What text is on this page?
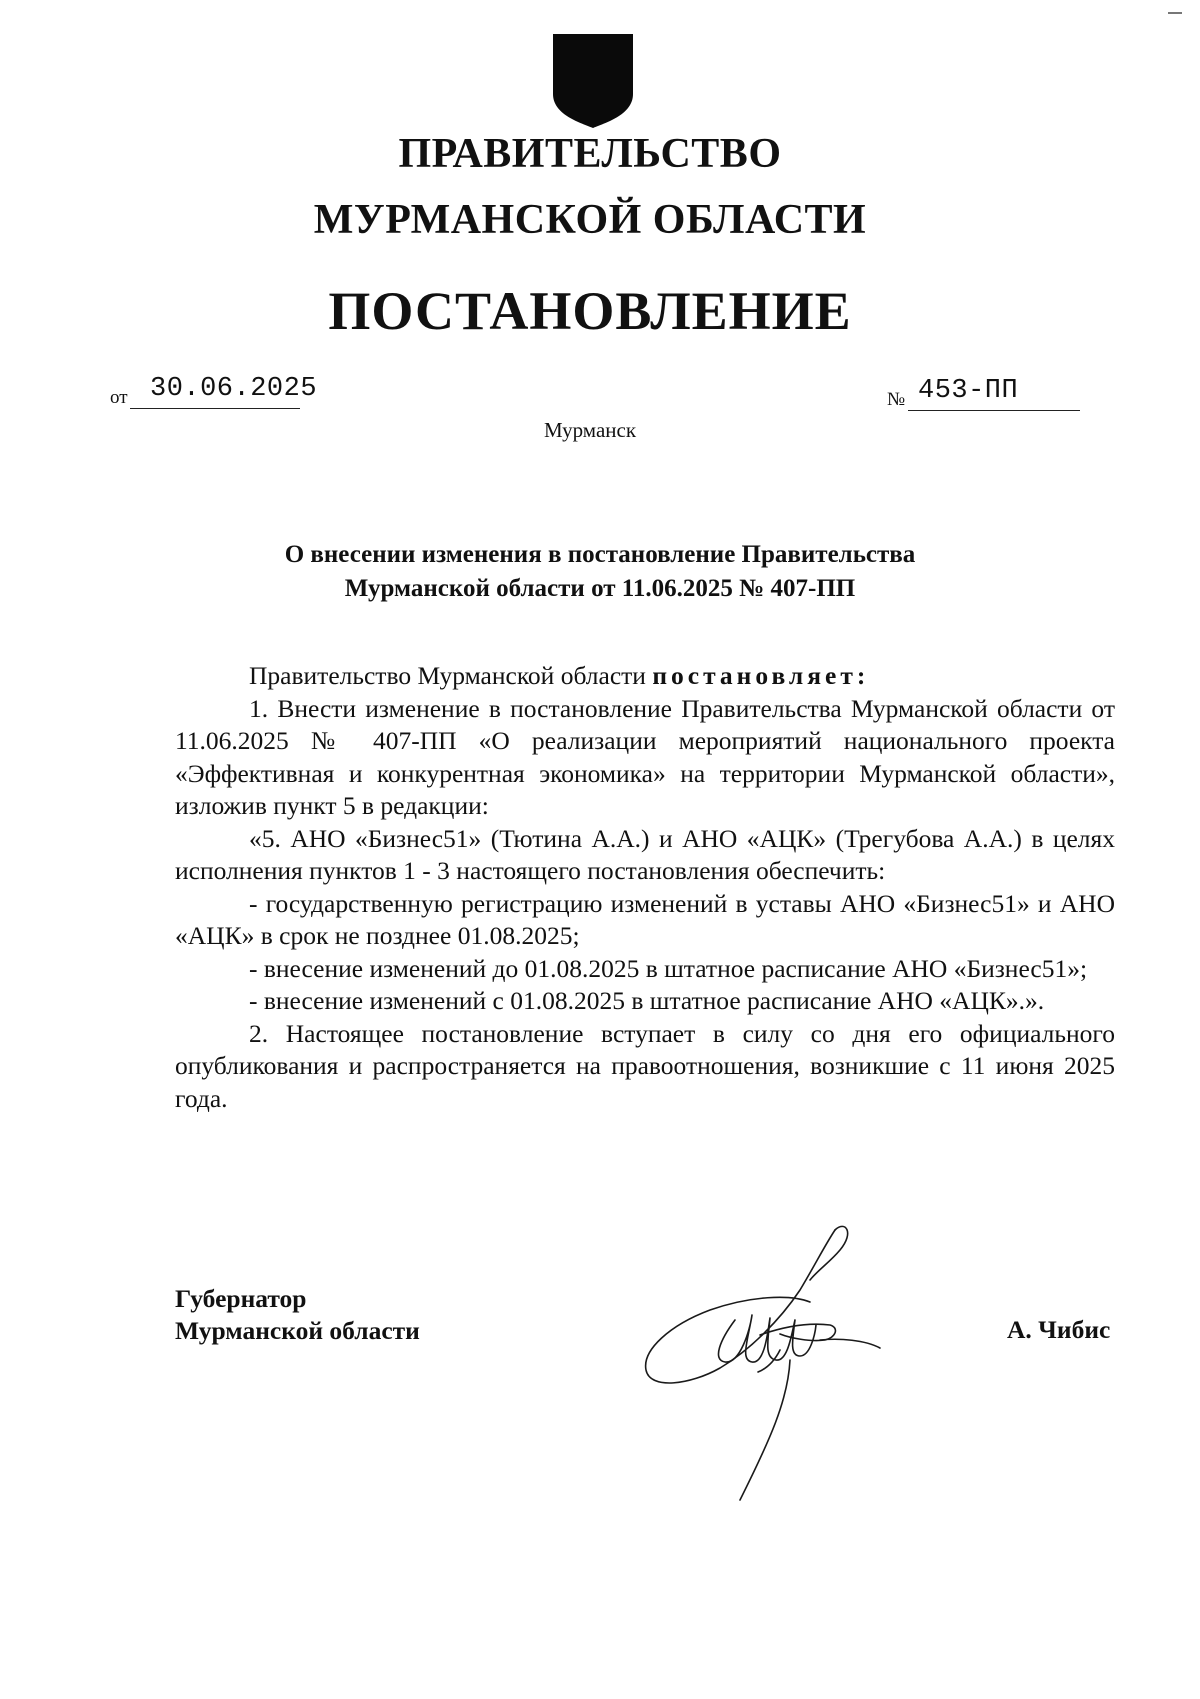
ПРАВИТЕЛЬСТВО
МУРМАНСКОЙ ОБЛАСТИ
ПОСТАНОВЛЕНИЕ
от 30.06.2025	№ 453-ПП
Мурманск
О внесении изменения в постановление Правительства
Мурманской области от 11.06.2025 № 407-ПП

Правительство Мурманской области постановляет:

1. Внести изменение в постановление Правительства Мурманской области от 11.06.2025 № 407-ПП «О реализации мероприятий национального проекта «Эффективная и конкурентная экономика» на территории Мурманской области», изложив пункт 5 в редакции:

«5. АНО «Бизнес51» (Тютина А.А.) и АНО «АЦК» (Трегубова А.А.) в целях исполнения пунктов 1 - 3 настоящего постановления обеспечить:

- государственную регистрацию изменений в уставы АНО «Бизнес51» и АНО «АЦК» в срок не позднее 01.08.2025;

- внесение изменений до 01.08.2025 в штатное расписание АНО «Бизнес51»;

- внесение изменений с 01.08.2025 в штатное расписание АНО «АЦК».».

2. Настоящее постановление вступает в силу со дня его официального опубликования и распространяется на правоотношения, возникшие с 11 июня 2025 года.

Губернатор
Мурманской области	А. Чибис
